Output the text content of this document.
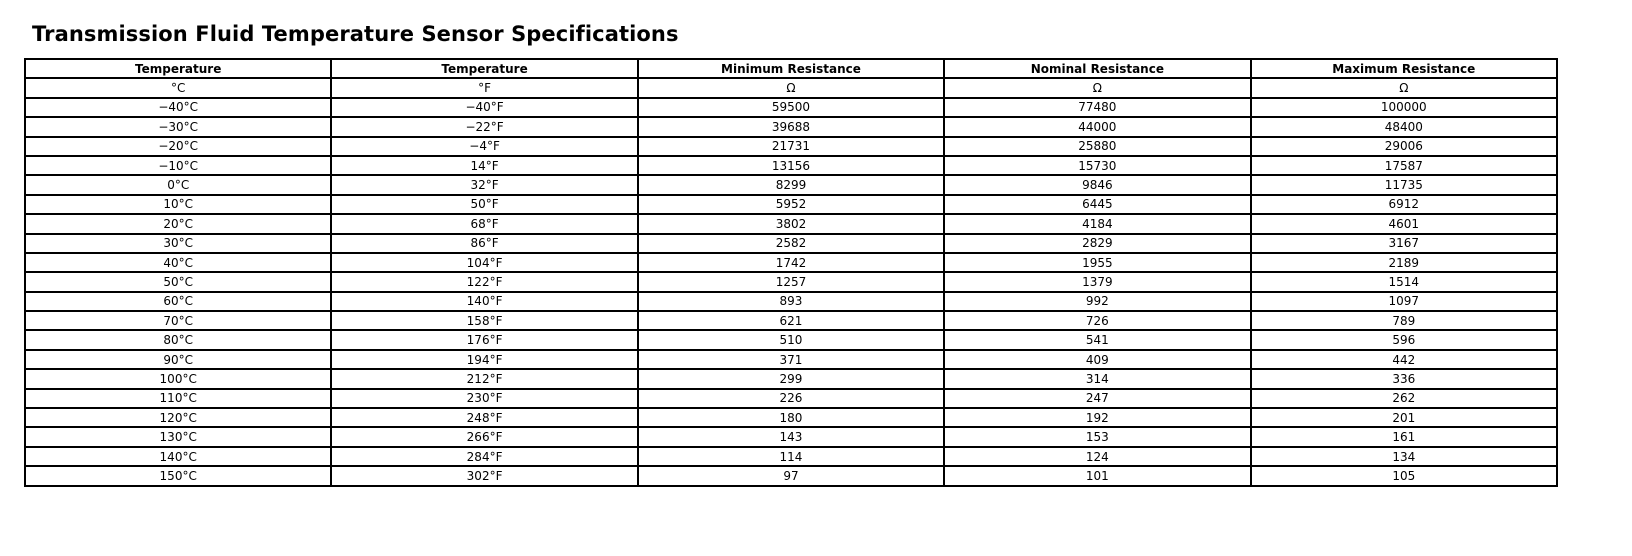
Transmission Fluid Temperature Sensor Specifications
Temperature	Temperature	Minimum Resistance	Nominal Resistance	Maximum Resistance
°C	°F	Ω	Ω	Ω
−40°C	−40°F	59500	77480	100000
−30°C	−22°F	39688	44000	48400
−20°C	−4°F	21731	25880	29006
−10°C	14°F	13156	15730	17587
0°C	32°F	8299	9846	11735
10°C	50°F	5952	6445	6912
20°C	68°F	3802	4184	4601
30°C	86°F	2582	2829	3167
40°C	104°F	1742	1955	2189
50°C	122°F	1257	1379	1514
60°C	140°F	893	992	1097
70°C	158°F	621	726	789
80°C	176°F	510	541	596
90°C	194°F	371	409	442
100°C	212°F	299	314	336
110°C	230°F	226	247	262
120°C	248°F	180	192	201
130°C	266°F	143	153	161
140°C	284°F	114	124	134
150°C	302°F	97	101	105
